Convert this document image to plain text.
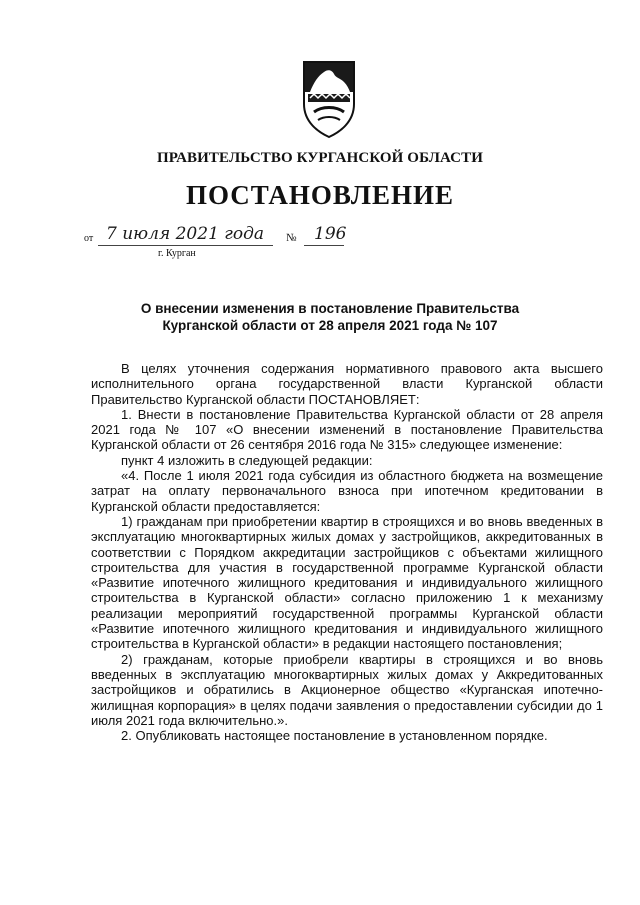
ПРАВИТЕЛЬСТВО КУРГАНСКОЙ ОБЛАСТИ
ПОСТАНОВЛЕНИЕ
от 7 июля 2021 года № 196
г. Курган
О внесении изменения в постановление Правительства Курганской области от 28 апреля 2021 года № 107

В целях уточнения содержания нормативного правового акта высшего исполнительного органа государственной власти Курганской области Правительство Курганской области ПОСТАНОВЛЯЕТ:

1. Внести в постановление Правительства Курганской области от 28 апреля 2021 года № 107 «О внесении изменений в постановление Правительства Курганской области от 26 сентября 2016 года № 315» следующее изменение:

пункт 4 изложить в следующей редакции:

«4. После 1 июля 2021 года субсидия из областного бюджета на возмещение затрат на оплату первоначального взноса при ипотечном кредитовании в Курганской области предоставляется:

1) гражданам при приобретении квартир в строящихся и во вновь введенных в эксплуатацию многоквартирных жилых домах у застройщиков, аккредитованных в соответствии с Порядком аккредитации застройщиков с объектами жилищного строительства для участия в государственной программе Курганской области «Развитие ипотечного жилищного кредитования и индивидуального жилищного строительства в Курганской области» согласно приложению 1 к механизму реализации мероприятий государственной программы Курганской области «Развитие ипотечного жилищного кредитования и индивидуального жилищного строительства в Курганской области» в редакции настоящего постановления;

2) гражданам, которые приобрели квартиры в строящихся и во вновь введенных в эксплуатацию многоквартирных жилых домах у Аккредитованных застройщиков и обратились в Акционерное общество «Курганская ипотечно-жилищная корпорация» в целях подачи заявления о предоставлении субсидии до 1 июля 2021 года включительно.».

2. Опубликовать настоящее постановление в установленном порядке.
